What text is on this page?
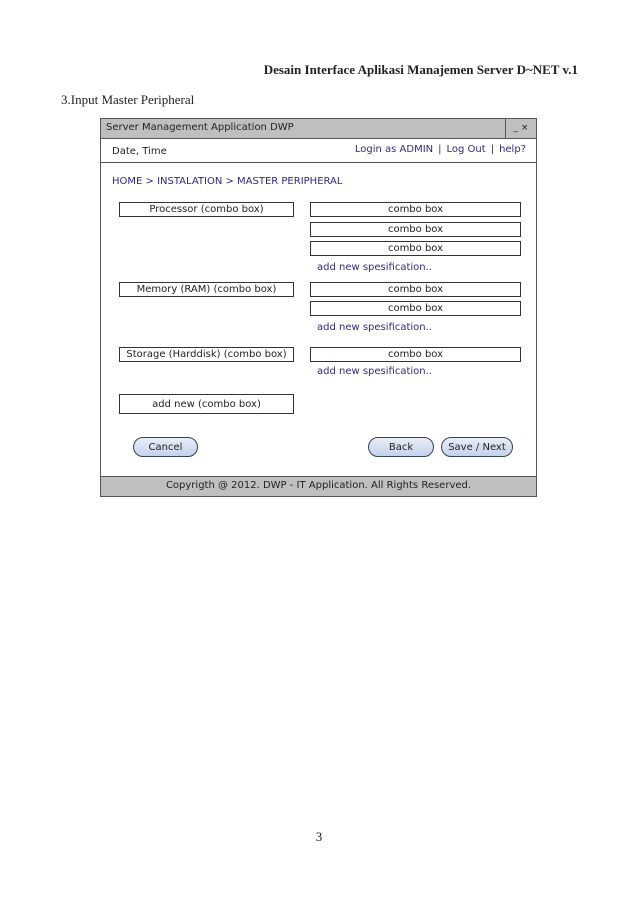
Desain Interface Aplikasi Manajemen Server D~NET v.1
3.Input Master Peripheral
Server Management Application DWP	_ ×
Date, Time	Login as ADMIN | Log Out | help?
HOME > INSTALATION > MASTER PERIPHERAL
Processor (combo box)	combo box
combo box
combo box
add new spesification..
Memory (RAM) (combo box)	combo box
combo box
add new spesification..
Storage (Harddisk) (combo box)	combo box
add new spesification..
add new (combo box)
Cancel	Back	Save / Next
Copyrigth @ 2012. DWP - IT Application. All Rights Reserved.
3
